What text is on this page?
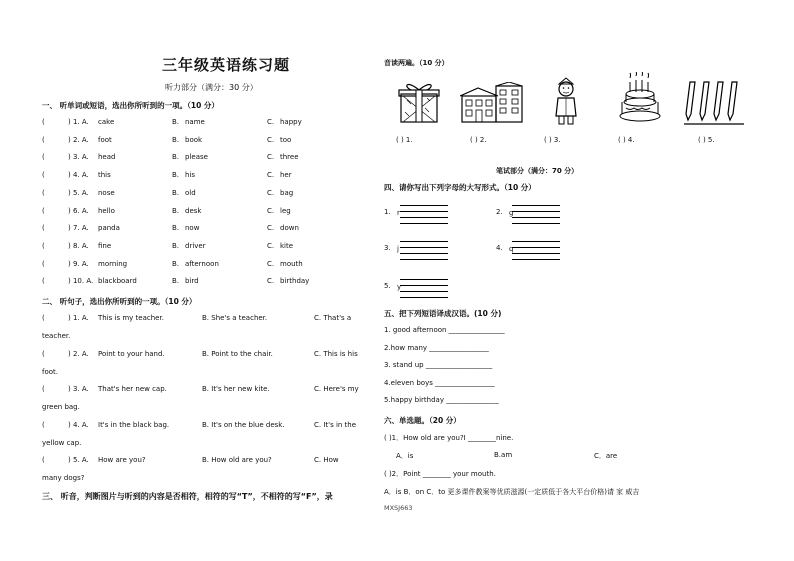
三年级英语练习题
听力部分（满分：30 分）
一、 听单词或短语，选出你所听到的一项。（10 分）
(	) 1. A. cake	B. name	C. happy
(	) 2. A. foot	B. book	C. too
(	) 3. A. head	B. please	C. three
(	) 4. A. this	B. his	C. her
(	) 5. A. nose	B. old	C. bag
(	) 6. A. hello	B. desk	C. leg
(	) 7. A. panda	B. now	C. down
(	) 8. A. fine	B. driver	C. kite
(	) 9. A. morning	B. afternoon	C. mouth
(	) 10. A. blackboard	B. bird	C. birthday
二、 听句子，选出你所听到的一项。（10 分）
(	) 1. A. This is my teacher.	B. She's a teacher.	C. That's a
teacher.
(	) 2. A. Point to your hand.	B. Point to the chair.	C. This is his
foot.
(	) 3. A. That's her new cap.	B. It's her new kite.	C. Here's my
green bag.
(	) 4. A. It's in the black bag.	B. It's on the blue desk.	C. It's in the
yellow cap.
(	) 5. A. How are you?	B. How old are you?	C. How
many dogs?
三、 听音，判断图片与听到的内容是否相符，相符的写“T”，不相符的写“F”，录
音读两遍。（10 分）
( ) 1.	( ) 2.	( ) 3.	( ) 4.	( ) 5.
笔试部分（满分：70 分）
四、请你写出下列字母的大写形式。（10 分）
1. r	2. g
3. j	4. q
5. y
五、把下列短语译成汉语。(10 分)
1. good afternoon ________________
2.how many _________________
3. stand up ___________________
4.eleven boys _________________
5.happy birthday _______________
六、单选题。（20 分）
( )1．How old are you?I ________nine.
A．is	B.am	C．are
( )2．Point ________ your mouth.
A．is B．on C．to 更多课件教案等优质滋源(一定质低于各大平台价格)请 家 威吉
MXSJ663
